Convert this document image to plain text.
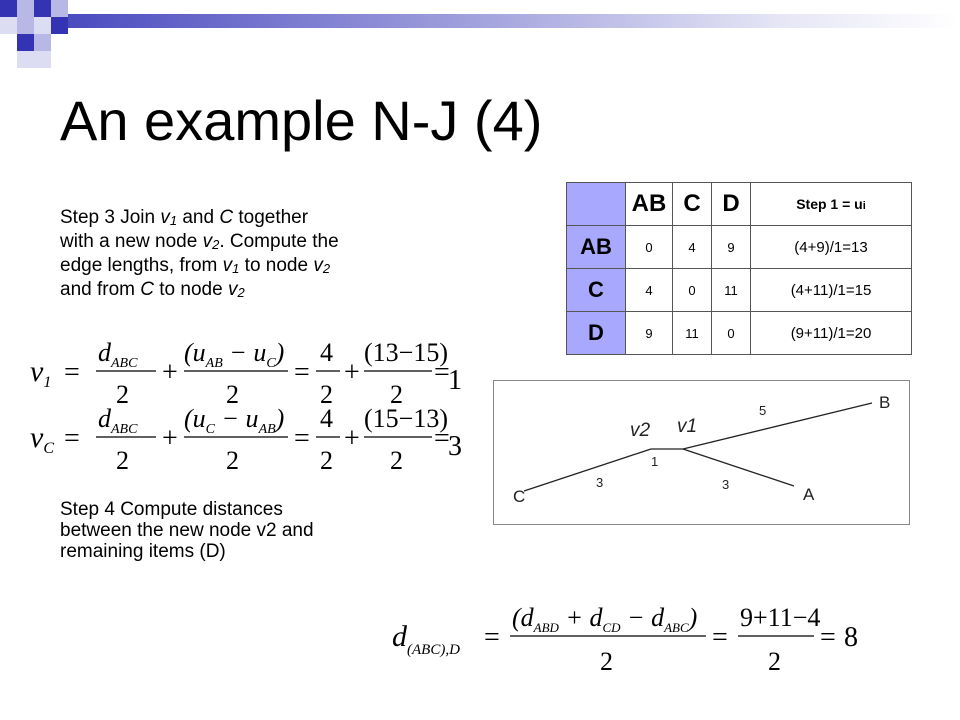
An example N-J (4)
Step 3 Join v1 and C together
with a new node v2. Compute the
edge lengths, from v1 to node v2
and from C to node v2
$v_1$ =
$d_{ABC}$
2
+
$(u_{AB} - u_C)$
2
=
4
2
+
(13−15)
2
=
$v_C$ =
$d_{ABC}$
2
+
$(u_C - u_{AB})$
2
=
4
2
+
(15−13)
2
=
1
3
Step 4 Compute distances
between the new node v2 and
remaining items (D)
$d_{(ABC),D}$ =
$(d_{ABD} + d_{CD} - d_{ABC})$
2
=
9+11−4
2
= 8
	AB	C	D	Step 1 = ui
AB	0	4	9	(4+9)/1=13
C	4	0	11	(4+11)/1=15
D	9	11	0	(9+11)/1=20
B
A
C
v1
v2
5
3
3
1
